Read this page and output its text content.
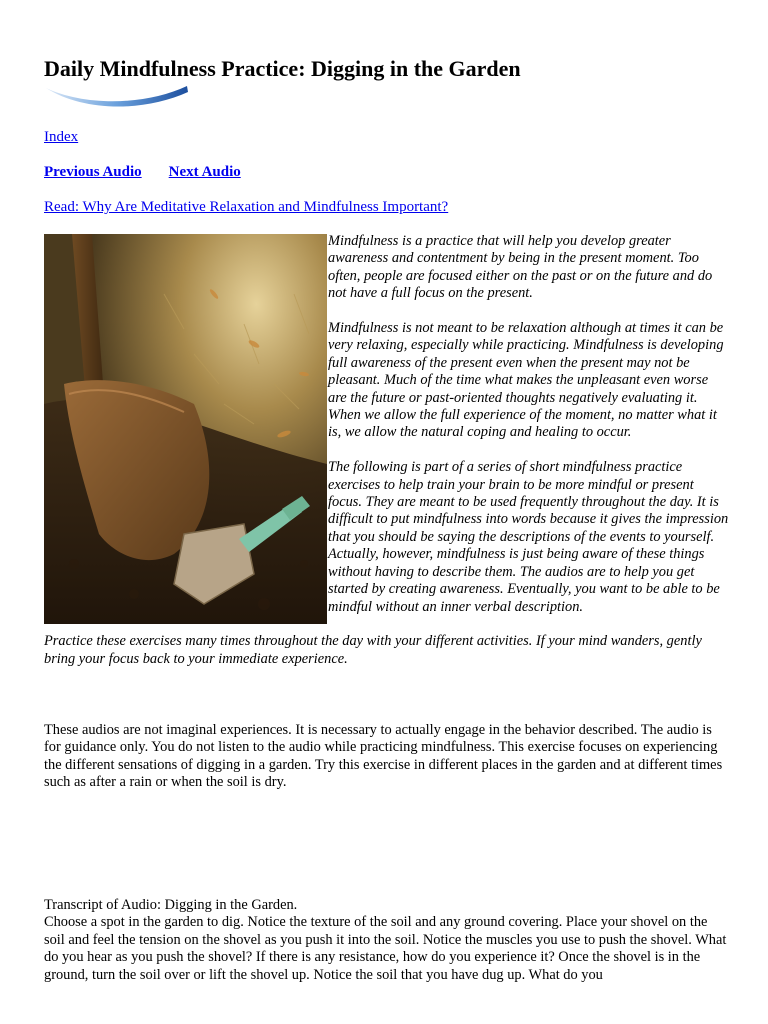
Daily Mindfulness Practice: Digging in the Garden
Index
Previous Audio Next Audio
Read: Why Are Meditative Relaxation and Mindfulness Important?

Mindfulness is a practice that will help you develop greater awareness and contentment by being in the present moment. Too often, people are focused either on the past or on the future and do not have a full focus on the present.

Mindfulness is not meant to be relaxation although at times it can be very relaxing, especially while practicing. Mindfulness is developing full awareness of the present even when the present may not be pleasant. Much of the time what makes the unpleasant even worse are the future or past-oriented thoughts negatively evaluating it. When we allow the full experience of the moment, no matter what it is, we allow the natural coping and healing to occur.

The following is part of a series of short mindfulness practice exercises to help train your brain to be more mindful or present focus. They are meant to be used frequently throughout the day. It is difficult to put mindfulness into words because it gives the impression that you should be saying the descriptions of the events to yourself. Actually, however, mindfulness is just being aware of these things without having to describe them. The audios are to help you get started by creating awareness. Eventually, you want to be able to be mindful without an inner verbal description.

Practice these exercises many times throughout the day with your different activities. If your mind wanders, gently bring your focus back to your immediate experience.

These audios are not imaginal experiences. It is necessary to actually engage in the behavior described. The audio is for guidance only. You do not listen to the audio while practicing mindfulness. This exercise focuses on experiencing the different sensations of digging in a garden. Try this exercise in different places in the garden and at different times such as after a rain or when the soil is dry.

Transcript of Audio: Digging in the Garden.

Choose a spot in the garden to dig. Notice the texture of the soil and any ground covering. Place your shovel on the soil and feel the tension on the shovel as you push it into the soil. Notice the muscles you use to push the shovel. What do you hear as you push the shovel? If there is any resistance, how do you experience it? Once the shovel is in the ground, turn the soil over or lift the shovel up. Notice the soil that you have dug up. What do you
